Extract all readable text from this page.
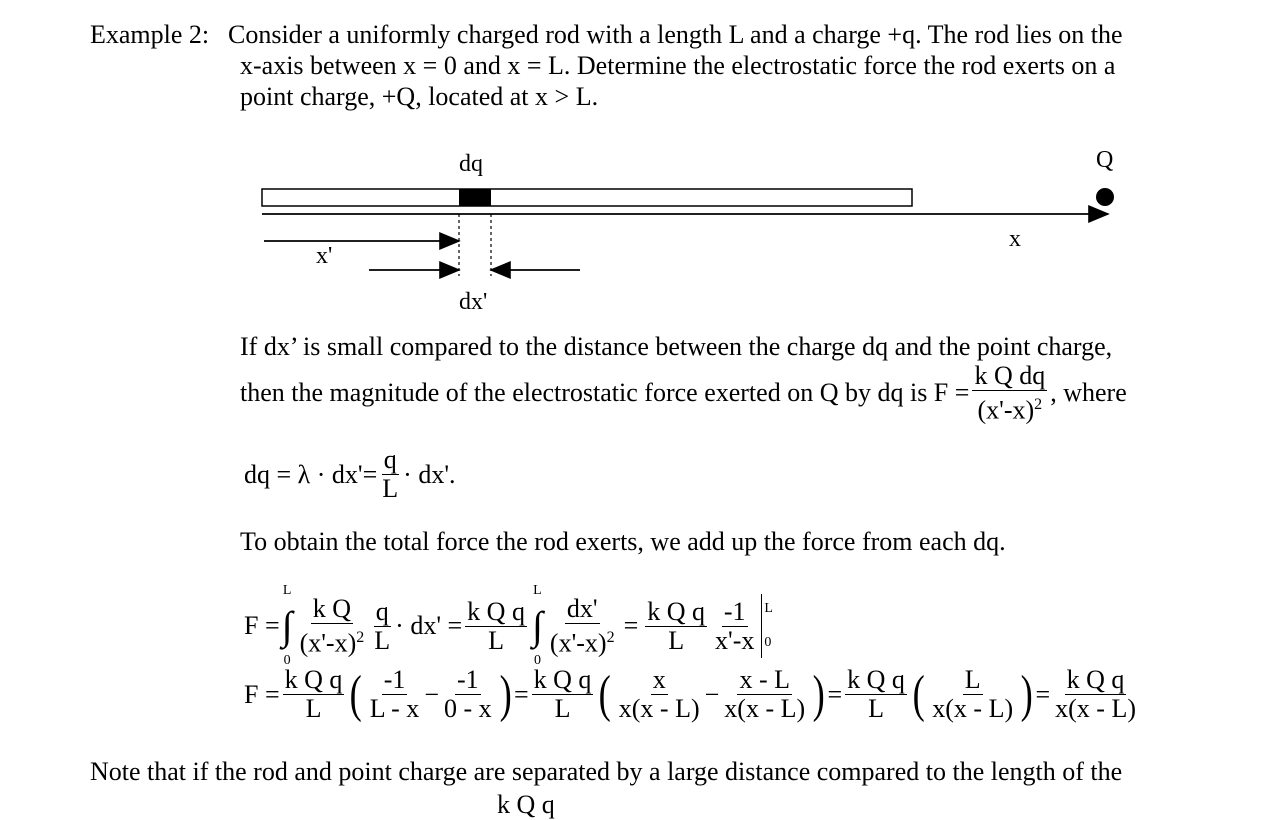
Example 2: Consider a uniformly charged rod with a length L and a charge +q. The rod lies on the
x-axis between x = 0 and x = L. Determine the electrostatic force the rod exerts on a
point charge, +Q, located at x > L.
dq	Q
x
x'
dx'
If dx’ is small compared to the distance between the charge dq and the point charge,
then the magnitude of the electrostatic force exerted on Q by dq is $F = \frac{\text{k Q dq}}{(x'-x)^2}$ , where
dq = $\lambda \cdot dx'= \frac{q}{L} \cdot dx'$.
To obtain the total force the rod exerts, we add up the force from each dq.
F =
L
∫
0
$\frac{\text{k Q}}{(x'-x)^2} \frac{q}{L} \cdot dx' = \frac{\text{k Q q}}{L}$
L
∫
0
$\frac{dx'}{(x'-x)^2} = \frac{\text{k Q q}}{L} \frac{-1}{x'-x}$ L
0
$F = \frac{\text{k Q q}}{L}$ ( $\frac{-1}{L - x} - \frac{-1}{0 - x}$ ) = $\frac{\text{k Q q}}{L}$ ( $\frac{x}{x(x - L)} - \frac{x - L}{x(x - L)}$ ) = $\frac{\text{k Q q}}{L}$ ( $\frac{L}{x(x - L)}$ ) = $\frac{\text{k Q q}}{x(x - L)}$
Note that if the rod and point charge are separated by a large distance compared to the length of the
k Q q
